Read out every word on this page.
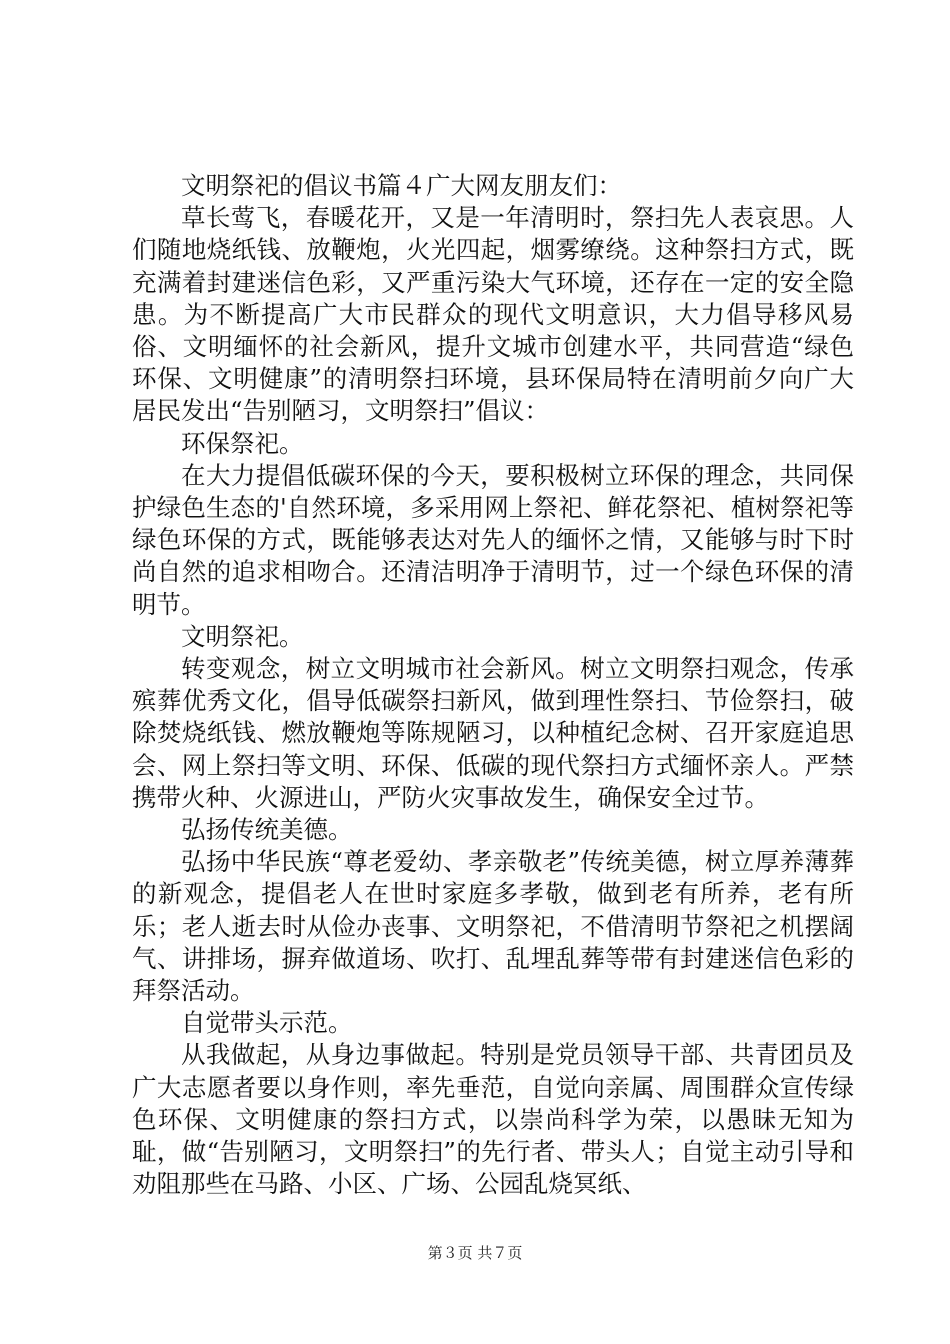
文明祭祀的倡议书篇４广大网友朋友们：

草长莺飞，春暖花开，又是一年清明时，祭扫先人表哀思。人们随地烧纸钱、放鞭炮，火光四起，烟雾缭绕。这种祭扫方式，既充满着封建迷信色彩，又严重污染大气环境，还存在一定的安全隐患。为不断提高广大市民群众的现代文明意识，大力倡导移风易俗、文明缅怀的社会新风，提升文城市创建水平，共同营造“绿色环保、文明健康”的清明祭扫环境，县环保局特在清明前夕向广大居民发出“告别陋习，文明祭扫”倡议：

环保祭祀。

在大力提倡低碳环保的今天，要积极树立环保的理念，共同保护绿色生态的'自然环境，多采用网上祭祀、鲜花祭祀、植树祭祀等绿色环保的方式，既能够表达对先人的缅怀之情，又能够与时下时尚自然的追求相吻合。还清洁明净于清明节，过一个绿色环保的清明节。

文明祭祀。

转变观念，树立文明城市社会新风。树立文明祭扫观念，传承殡葬优秀文化，倡导低碳祭扫新风，做到理性祭扫、节俭祭扫，破除焚烧纸钱、燃放鞭炮等陈规陋习，以种植纪念树、召开家庭追思会、网上祭扫等文明、环保、低碳的现代祭扫方式缅怀亲人。严禁携带火种、火源进山，严防火灾事故发生，确保安全过节。

弘扬传统美德。

弘扬中华民族“尊老爱幼、孝亲敬老”传统美德，树立厚养薄葬的新观念，提倡老人在世时家庭多孝敬，做到老有所养，老有所乐；老人逝去时从俭办丧事、文明祭祀，不借清明节祭祀之机摆阔气、讲排场，摒弃做道场、吹打、乱埋乱葬等带有封建迷信色彩的拜祭活动。

自觉带头示范。

从我做起，从身边事做起。特别是党员领导干部、共青团员及广大志愿者要以身作则，率先垂范，自觉向亲属、周围群众宣传绿色环保、文明健康的祭扫方式，以崇尚科学为荣，以愚昧无知为耻，做“告别陋习，文明祭扫”的先行者、带头人；自觉主动引导和劝阻那些在马路、小区、广场、公园乱烧冥纸、

第３页 共７页
